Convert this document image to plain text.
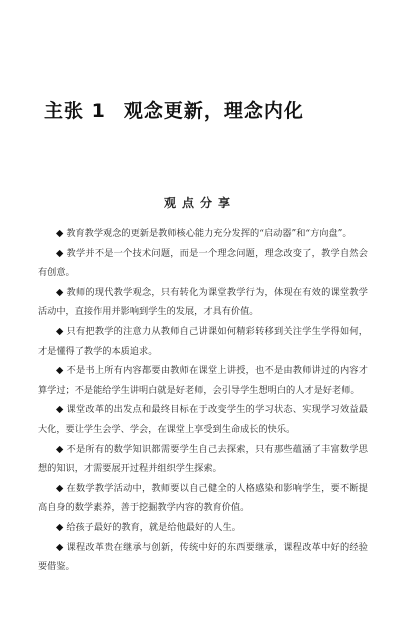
主张 1 观念更新，理念内化
观点分享

◆ 教育教学观念的更新是教师核心能力充分发挥的“启动器”和“方向盘”。

◆ 教学并不是一个技术问题，而是一个理念问题，理念改变了，教学自然会有创意。

◆ 教师的现代教学观念，只有转化为课堂教学行为，体现在有效的课堂教学活动中，直接作用并影响到学生的发展，才具有价值。

◆ 只有把教学的注意力从教师自己讲课如何精彩转移到关注学生学得如何，才是懂得了教学的本质追求。

◆ 不是书上所有内容都要由教师在课堂上讲授，也不是由教师讲过的内容才算学过；不是能给学生讲明白就是好老师，会引导学生想明白的人才是好老师。

◆ 课堂改革的出发点和最终目标在于改变学生的学习状态、实现学习效益最大化，要让学生会学、学会，在课堂上享受到生命成长的快乐。

◆ 不是所有的数学知识都需要学生自己去探索，只有那些蕴涵了丰富数学思想的知识，才需要展开过程并组织学生探索。

◆ 在数学教学活动中，教师要以自己健全的人格感染和影响学生，要不断提高自身的数学素养，善于挖掘教学内容的教育价值。

◆ 给孩子最好的教育，就是给他最好的人生。

◆ 课程改革贵在继承与创新，传统中好的东西要继承，课程改革中好的经验要借鉴。
